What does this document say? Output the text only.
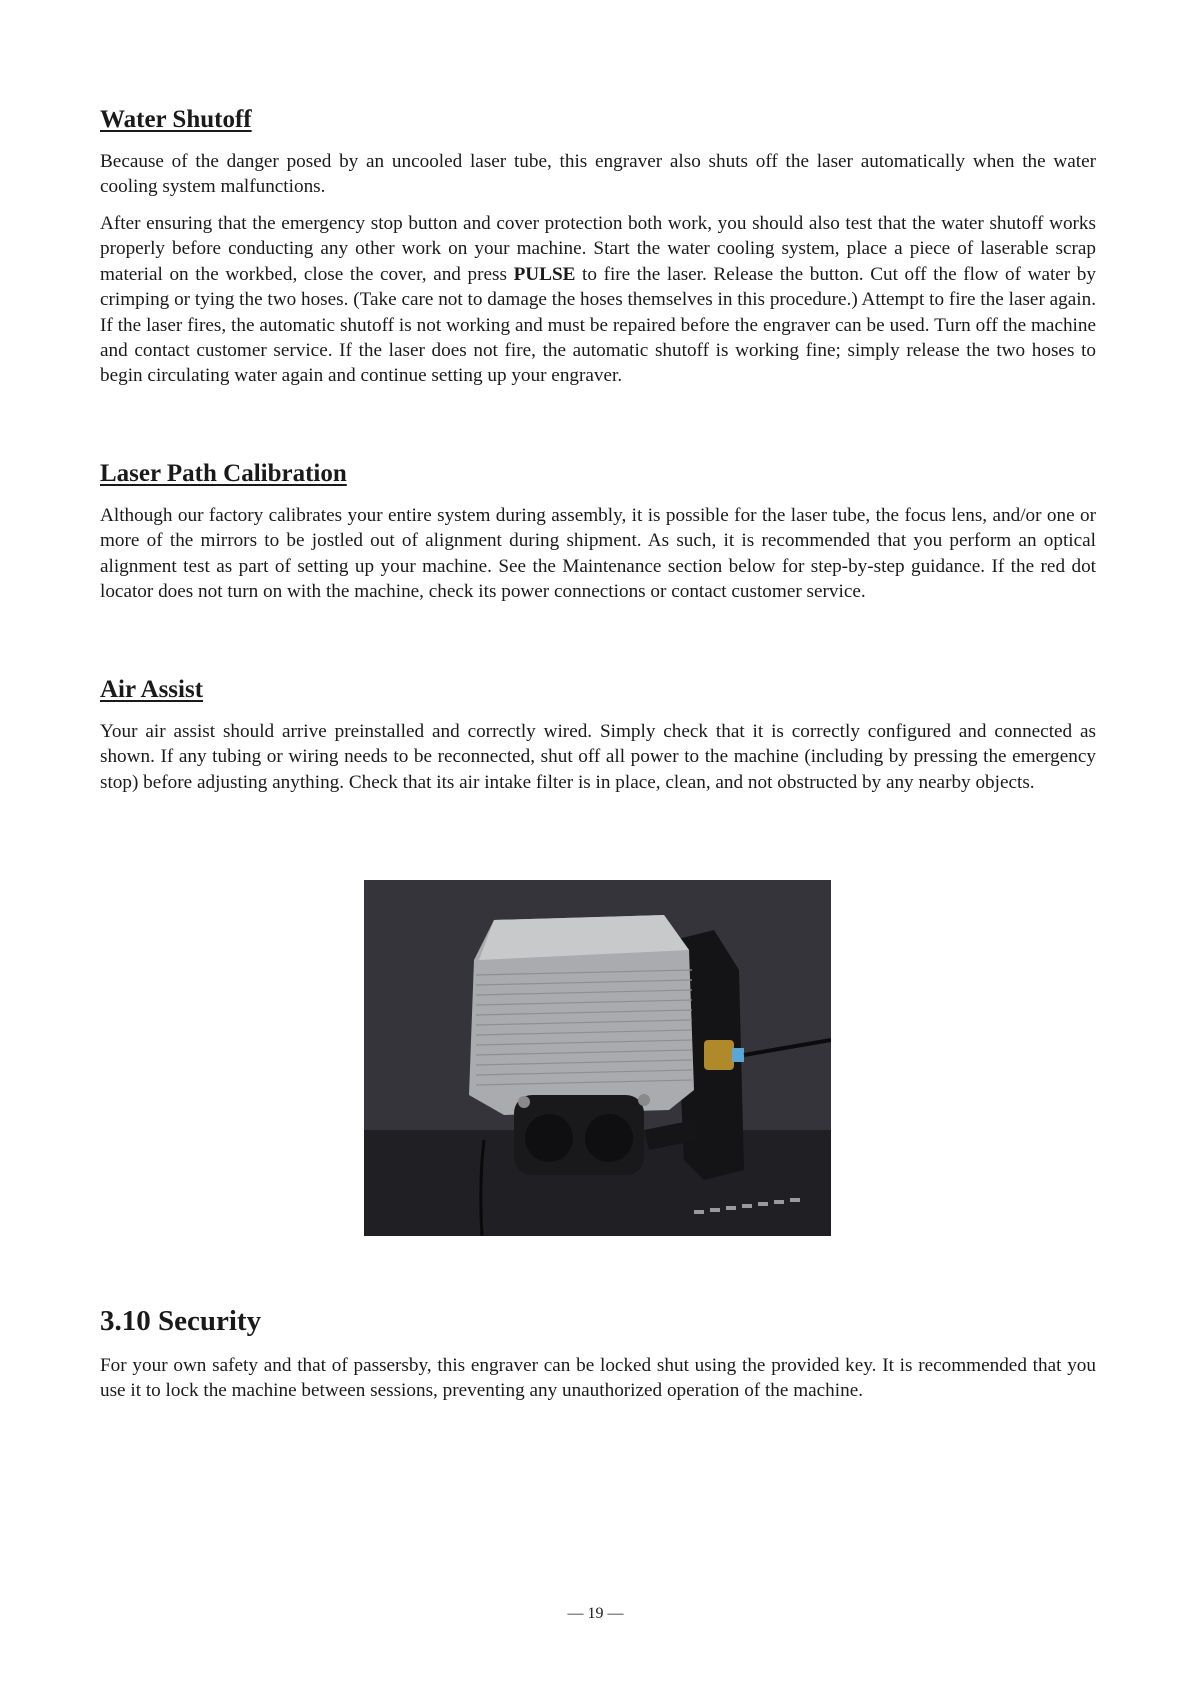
Water Shutoff

Because of the danger posed by an uncooled laser tube, this engraver also shuts off the laser automatically when the water cooling system malfunctions.

After ensuring that the emergency stop button and cover protection both work, you should also test that the water shutoff works properly before conducting any other work on your machine. Start the water cooling system, place a piece of laserable scrap material on the workbed, close the cover, and press PULSE to fire the laser. Release the button. Cut off the flow of water by crimping or tying the two hoses. (Take care not to damage the hoses themselves in this procedure.) Attempt to fire the laser again. If the laser fires, the automatic shutoff is not working and must be repaired before the engraver can be used. Turn off the machine and contact customer service. If the laser does not fire, the automatic shutoff is working fine; simply release the two hoses to begin circulating water again and continue setting up your engraver.

Laser Path Calibration

Although our factory calibrates your entire system during assembly, it is possible for the laser tube, the focus lens, and/or one or more of the mirrors to be jostled out of alignment during shipment. As such, it is recommended that you perform an optical alignment test as part of setting up your machine. See the Maintenance section below for step-by-step guidance. If the red dot locator does not turn on with the machine, check its power connections or contact customer service.

Air Assist

Your air assist should arrive preinstalled and correctly wired. Simply check that it is correctly configured and connected as shown. If any tubing or wiring needs to be reconnected, shut off all power to the machine (including by pressing the emergency stop) before adjusting anything. Check that its air intake filter is in place, clean, and not obstructed by any nearby objects.

3.10 Security

For your own safety and that of passersby, this engraver can be locked shut using the provided key. It is recommended that you use it to lock the machine between sessions, preventing any unauthorized operation of the machine.

— 19 —
